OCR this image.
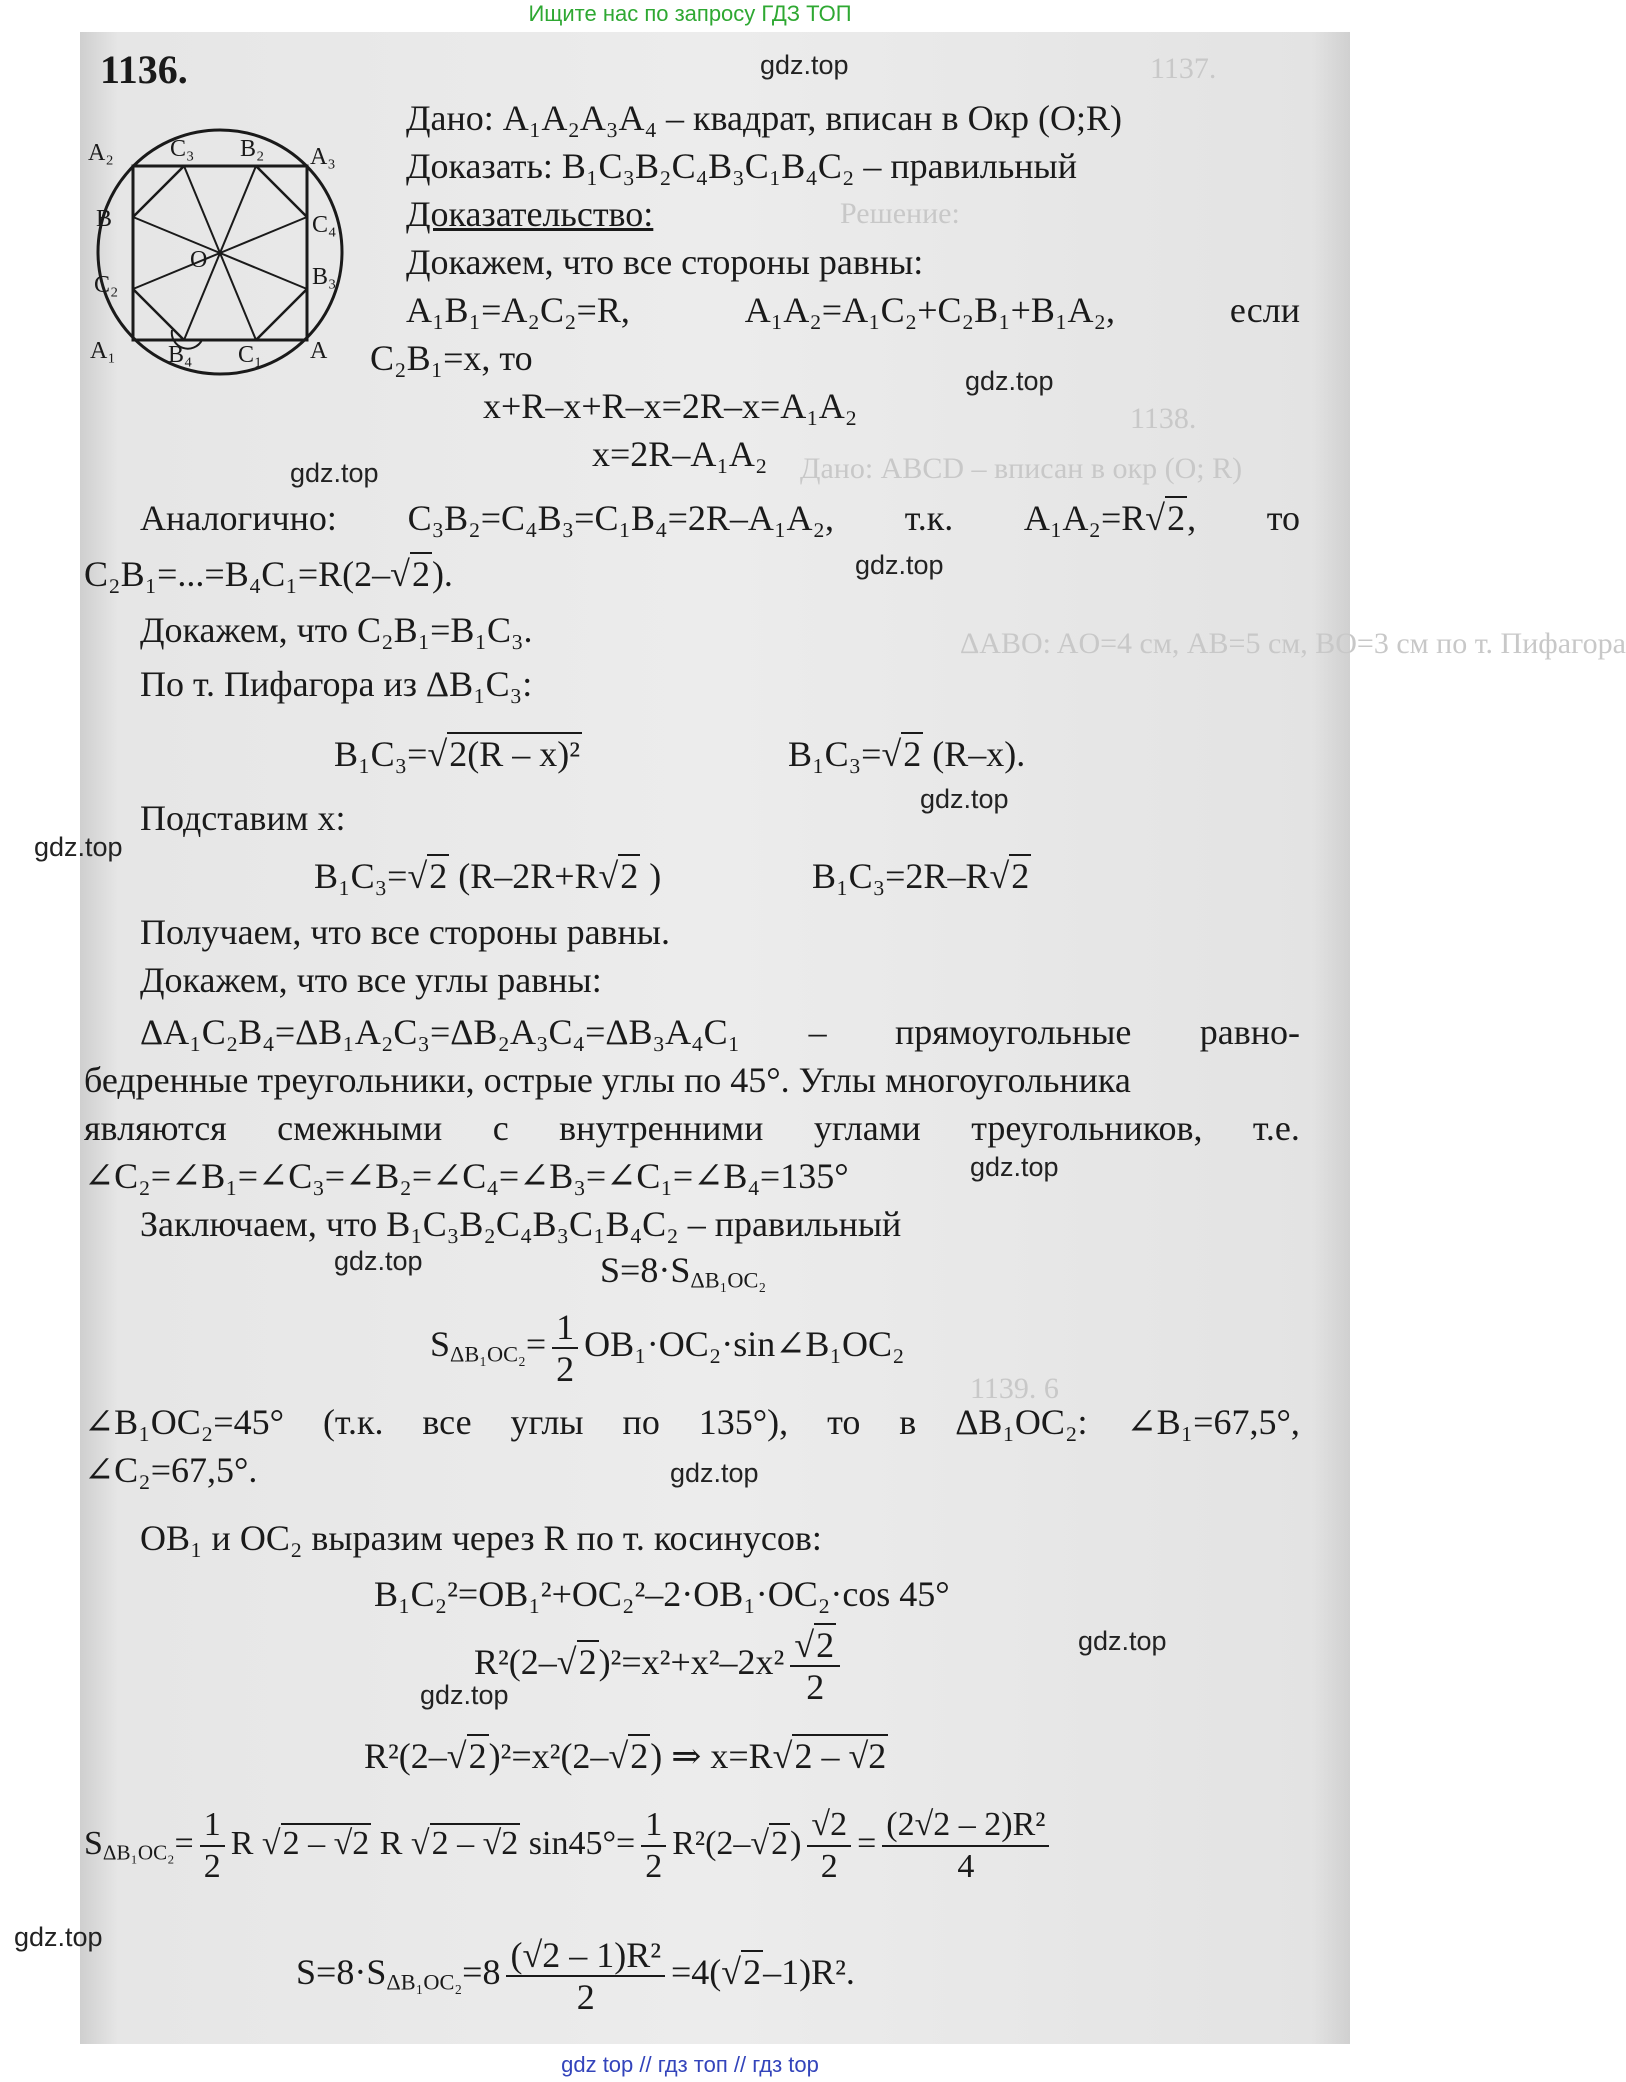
Ищите нас по запросу ГДЗ ТОП
1137.
Решение:
1138.
Дано: ABCD – вписан в окр (O; R)
ΔABO: AO=4 см, AB=5 см, BO=3 см по т. Пифагора
1139. 6
1136.
A₂ C₃ B₂ A₃
B	C₄
C₂
O
B₃
A₁ B₄ C₁ A
Дано: A₁A₂A₃A₄ – квадрат, вписан в Окр (O;R)
Доказать: B₁C₃B₂C₄B₃C₁B₄C₂ – правильный
Доказательство:
Докажем, что все стороны равны:
A₁B₁=A₂C₂=R,	A₁A₂=A₁C₂+C₂B₁+B₁A₂,	если
C₂B₁=x, то
x+R–x+R–x=2R–x=A₁A₂
x=2R–A₁A₂
Аналогично: C₃B₂=C₄B₃=C₁B₄=2R–A₁A₂, т.к. A₁A₂=R√2, то
C₂B₁=...=B₄C₁=R(2–√2).
Докажем, что C₂B₁=B₁C₃.
По т. Пифагора из ΔB₁C₃:
B₁C₃=√2(R – x)²	B₁C₃=√2 (R–x).
Подставим x:
B₁C₃=√2 (R–2R+R√2 )	B₁C₃=2R–R√2
Получаем, что все стороны равны.
Докажем, что все углы равны:
ΔA₁C₂B₄=ΔB₁A₂C₃=ΔB₂A₃C₄=ΔB₃A₄C₁ – прямоугольные равно-
бедренные треугольники, острые углы по 45°. Углы многоугольника
являются смежными с внутренними углами треугольников, т.е.
∠C₂=∠B₁=∠C₃=∠B₂=∠C₄=∠B₃=∠C₁=∠B₄=135°
Заключаем, что B₁C₃B₂C₄B₃C₁B₄C₂ – правильный
$S=8\cdot S_{\Delta B_1OC_2}$
$S_{\Delta B_1OC_2}= \frac{1}{2}$ OB₁·OC₂·sin∠B₁OC₂
∠B₁OC₂=45° (т.к. все углы по 135°), то в ΔB₁OC₂: ∠B₁=67,5°,
∠C₂=67,5°.
OB₁ и OC₂ выразим через R по т. косинусов:
B₁C₂²=OB₁²+OC₂²–2·OB₁·OC₂·cos 45°
$R^2(2-√2)^2=x^2+x^2-2x^2 \frac{√2}{2}$
R²(2–√2)²=x²(2–√2) ⇒ x=R√2 – √2
$S_{\Delta B_1OC_2}= \frac{1}{2}$ R √2 – √2 R √2 – √2 $\sin 45^\circ= \frac{1}{2} R^2(2-√2) \frac{√2}{2} = \frac{\text{(2√2 – 2)R²}}{4}$
$S=8\cdot S_{\Delta B_1OC_2}=8 \frac{\text{(√2 – 1)R²}}{2} =4(√2-1)R^2$.
gdz.top
gdz.top
gdz.top
gdz.top
gdz.top
gdz.top
gdz.top
gdz.top
gdz.top
gdz.top
gdz.top
gdz.top
gdz top // гдз топ // гдз top
